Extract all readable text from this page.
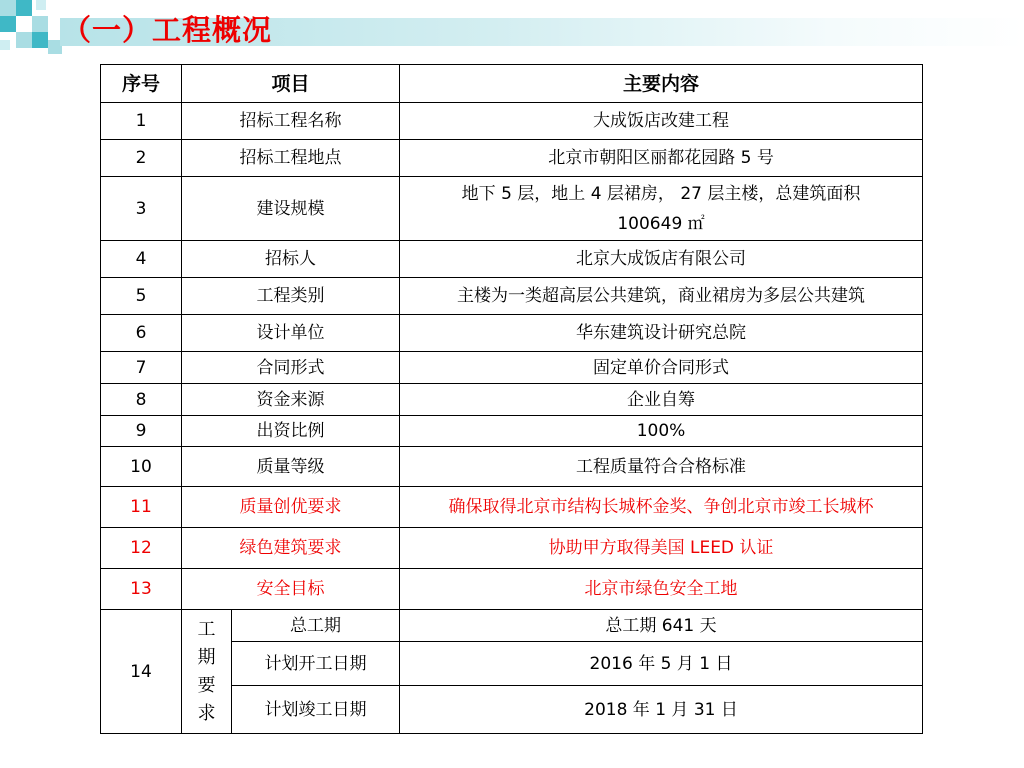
（一）工程概况
序号	项目		主要内容
1	招标工程名称		大成饭店改建工程
2	招标工程地点		北京市朝阳区丽都花园路 5 号
3	建设规模		地下 5 层，地上 4 层裙房， 27 层主楼，总建筑面积
100649 ㎡

4	招标人		北京大成饭店有限公司
5	工程类别		主楼为一类超高层公共建筑，商业裙房为多层公共建筑
6	设计单位		华东建筑设计研究总院
7	合同形式		固定单价合同形式
8	资金来源		企业自筹
9	出资比例		100%
10	质量等级		工程质量符合合格标准
11	质量创优要求		确保取得北京市结构长城杯金奖、争创北京市竣工长城杯
12	绿色建筑要求		协助甲方取得美国 LEED 认证
13	安全目标		北京市绿色安全工地
14	工期要求	总工期	总工期 641 天
		计划开工日期	2016 年 5 月 1 日
		计划竣工日期	2018 年 1 月 31 日
